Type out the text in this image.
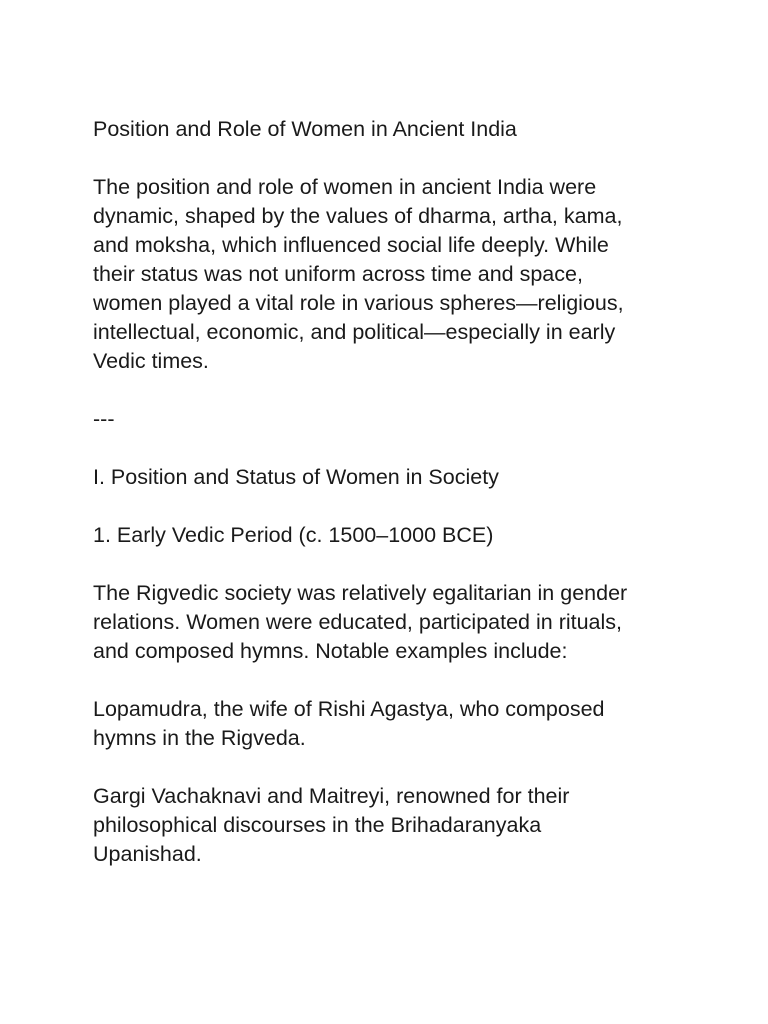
Position and Role of Women in Ancient India

The position and role of women in ancient India were
dynamic, shaped by the values of dharma, artha, kama,
and moksha, which influenced social life deeply. While
their status was not uniform across time and space,
women played a vital role in various spheres—religious,
intellectual, economic, and political—especially in early
Vedic times.

---

I. Position and Status of Women in Society

1. Early Vedic Period (c. 1500–1000 BCE)

The Rigvedic society was relatively egalitarian in gender
relations. Women were educated, participated in rituals,
and composed hymns. Notable examples include:

Lopamudra, the wife of Rishi Agastya, who composed
hymns in the Rigveda.

Gargi Vachaknavi and Maitreyi, renowned for their
philosophical discourses in the Brihadaranyaka
Upanishad.
